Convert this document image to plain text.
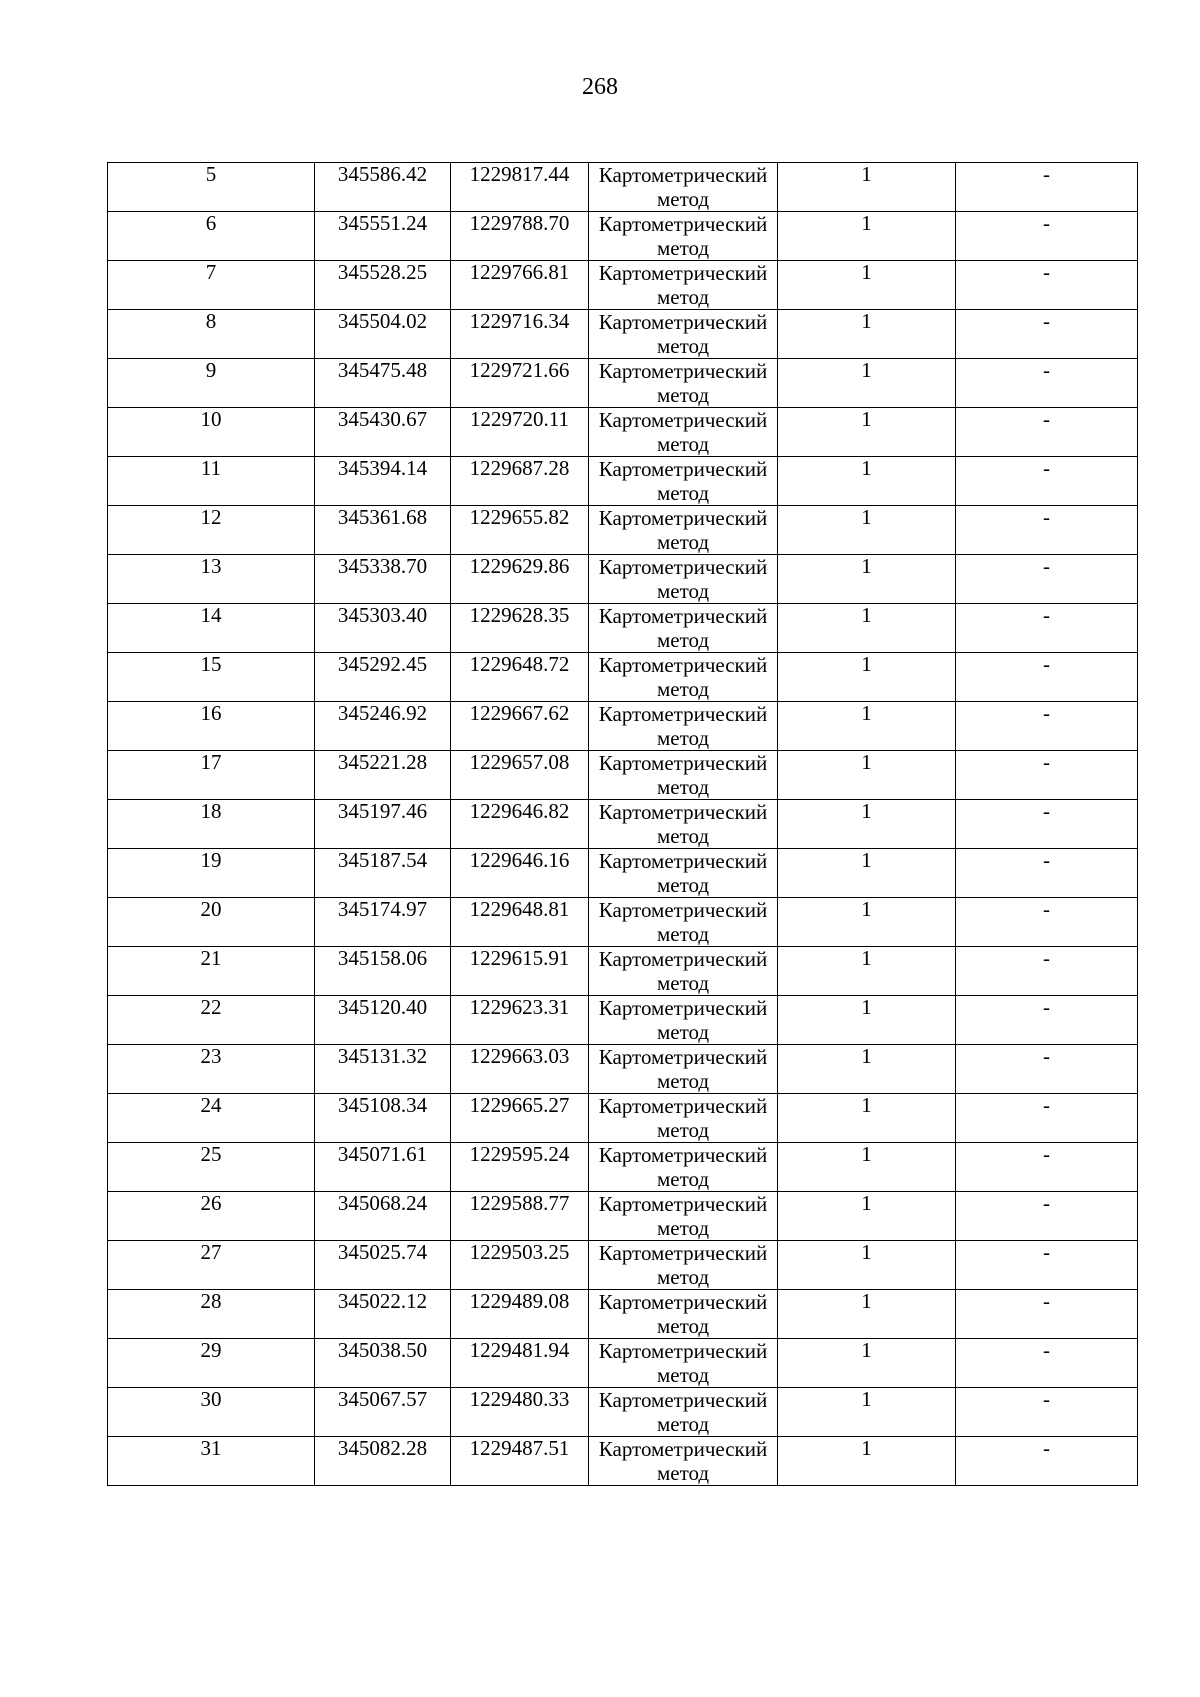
268
5	345586.42	1229817.44	Картометрический метод	1	-

6	345551.24	1229788.70	Картометрический метод	1	-

7	345528.25	1229766.81	Картометрический метод	1	-

8	345504.02	1229716.34	Картометрический метод	1	-

9	345475.48	1229721.66	Картометрический метод	1	-

10	345430.67	1229720.11	Картометрический метод	1	-

11	345394.14	1229687.28	Картометрический метод	1	-

12	345361.68	1229655.82	Картометрический метод	1	-

13	345338.70	1229629.86	Картометрический метод	1	-

14	345303.40	1229628.35	Картометрический метод	1	-

15	345292.45	1229648.72	Картометрический метод	1	-

16	345246.92	1229667.62	Картометрический метод	1	-

17	345221.28	1229657.08	Картометрический метод	1	-

18	345197.46	1229646.82	Картометрический метод	1	-

19	345187.54	1229646.16	Картометрический метод	1	-

20	345174.97	1229648.81	Картометрический метод	1	-

21	345158.06	1229615.91	Картометрический метод	1	-

22	345120.40	1229623.31	Картометрический метод	1	-

23	345131.32	1229663.03	Картометрический метод	1	-

24	345108.34	1229665.27	Картометрический метод	1	-

25	345071.61	1229595.24	Картометрический метод	1	-

26	345068.24	1229588.77	Картометрический метод	1	-

27	345025.74	1229503.25	Картометрический метод	1	-

28	345022.12	1229489.08	Картометрический метод	1	-

29	345038.50	1229481.94	Картометрический метод	1	-

30	345067.57	1229480.33	Картометрический метод	1	-

31	345082.28	1229487.51	Картометрический метод	1	-
